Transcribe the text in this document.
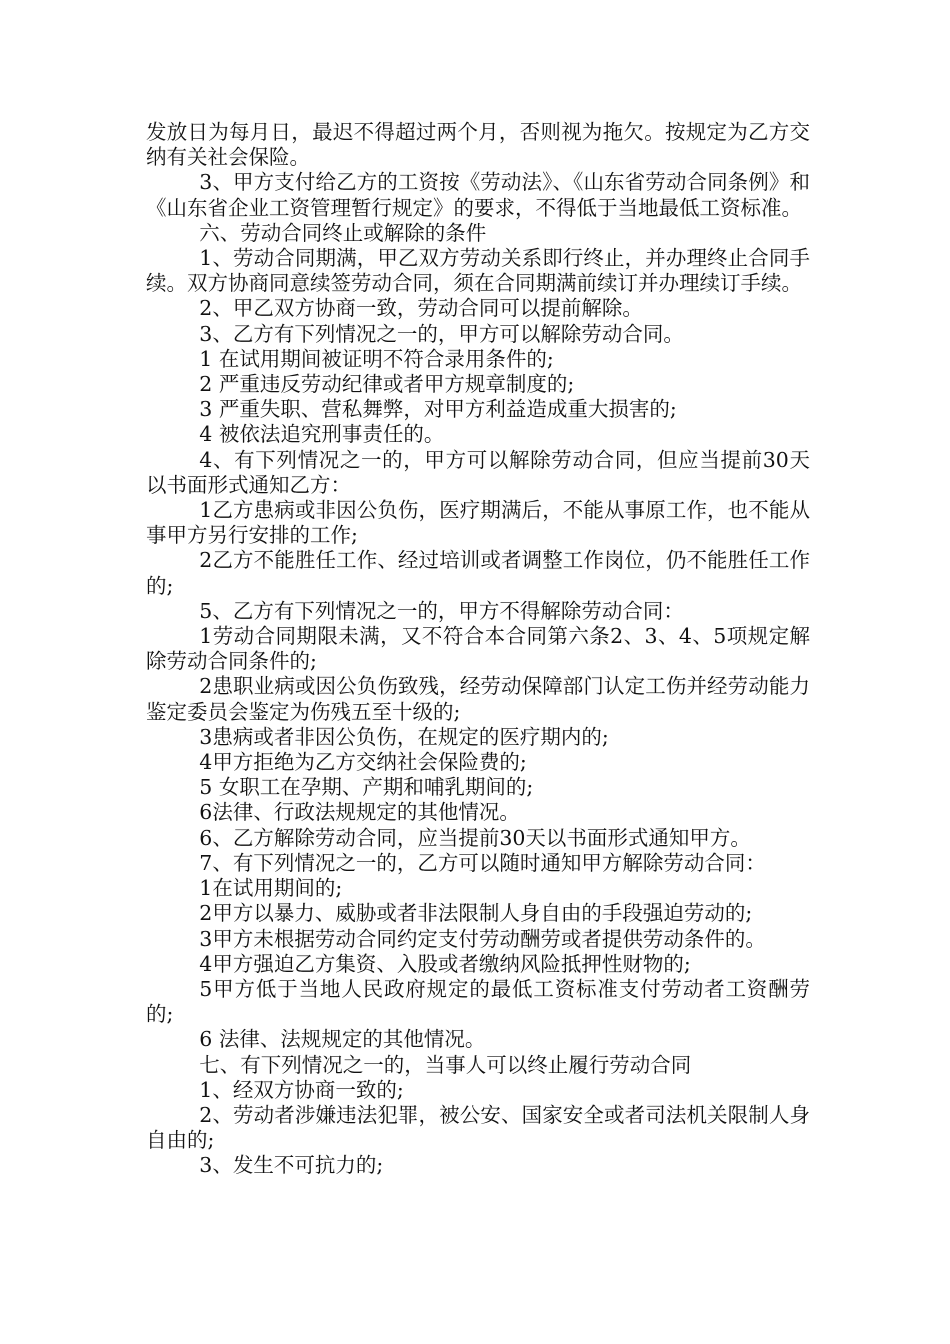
发放日为每月日，最迟不得超过两个月，否则视为拖欠。按规定为乙方交纳有关社会保险。

3、甲方支付给乙方的工资按《劳动法》、《山东省劳动合同条例》和《山东省企业工资管理暂行规定》的要求，不得低于当地最低工资标准。

六、劳动合同终止或解除的条件

1、劳动合同期满，甲乙双方劳动关系即行终止，并办理终止合同手续。双方协商同意续签劳动合同，须在合同期满前续订并办理续订手续。

2、甲乙双方协商一致，劳动合同可以提前解除。

3、乙方有下列情况之一的，甲方可以解除劳动合同。

1 在试用期间被证明不符合录用条件的;

2 严重违反劳动纪律或者甲方规章制度的;

3 严重失职、营私舞弊，对甲方利益造成重大损害的;

4 被依法追究刑事责任的。

4、有下列情况之一的，甲方可以解除劳动合同，但应当提前30天以书面形式通知乙方：

1乙方患病或非因公负伤，医疗期满后，不能从事原工作，也不能从事甲方另行安排的工作;

2乙方不能胜任工作、经过培训或者调整工作岗位，仍不能胜任工作的;

5、乙方有下列情况之一的，甲方不得解除劳动合同：

1劳动合同期限未满，又不符合本合同第六条2、3、4、5项规定解除劳动合同条件的;

2患职业病或因公负伤致残，经劳动保障部门认定工伤并经劳动能力鉴定委员会鉴定为伤残五至十级的;

3患病或者非因公负伤，在规定的医疗期内的;

4甲方拒绝为乙方交纳社会保险费的;

5 女职工在孕期、产期和哺乳期间的;

6法律、行政法规规定的其他情况。

6、乙方解除劳动合同，应当提前30天以书面形式通知甲方。

7、有下列情况之一的，乙方可以随时通知甲方解除劳动合同：

1在试用期间的;

2甲方以暴力、威胁或者非法限制人身自由的手段强迫劳动的;

3甲方未根据劳动合同约定支付劳动酬劳或者提供劳动条件的。

4甲方强迫乙方集资、入股或者缴纳风险抵押性财物的;

5甲方低于当地人民政府规定的最低工资标准支付劳动者工资酬劳的;

6 法律、法规规定的其他情况。

七、有下列情况之一的，当事人可以终止履行劳动合同

1、经双方协商一致的;

2、劳动者涉嫌违法犯罪，被公安、国家安全或者司法机关限制人身自由的;

3、发生不可抗力的;
